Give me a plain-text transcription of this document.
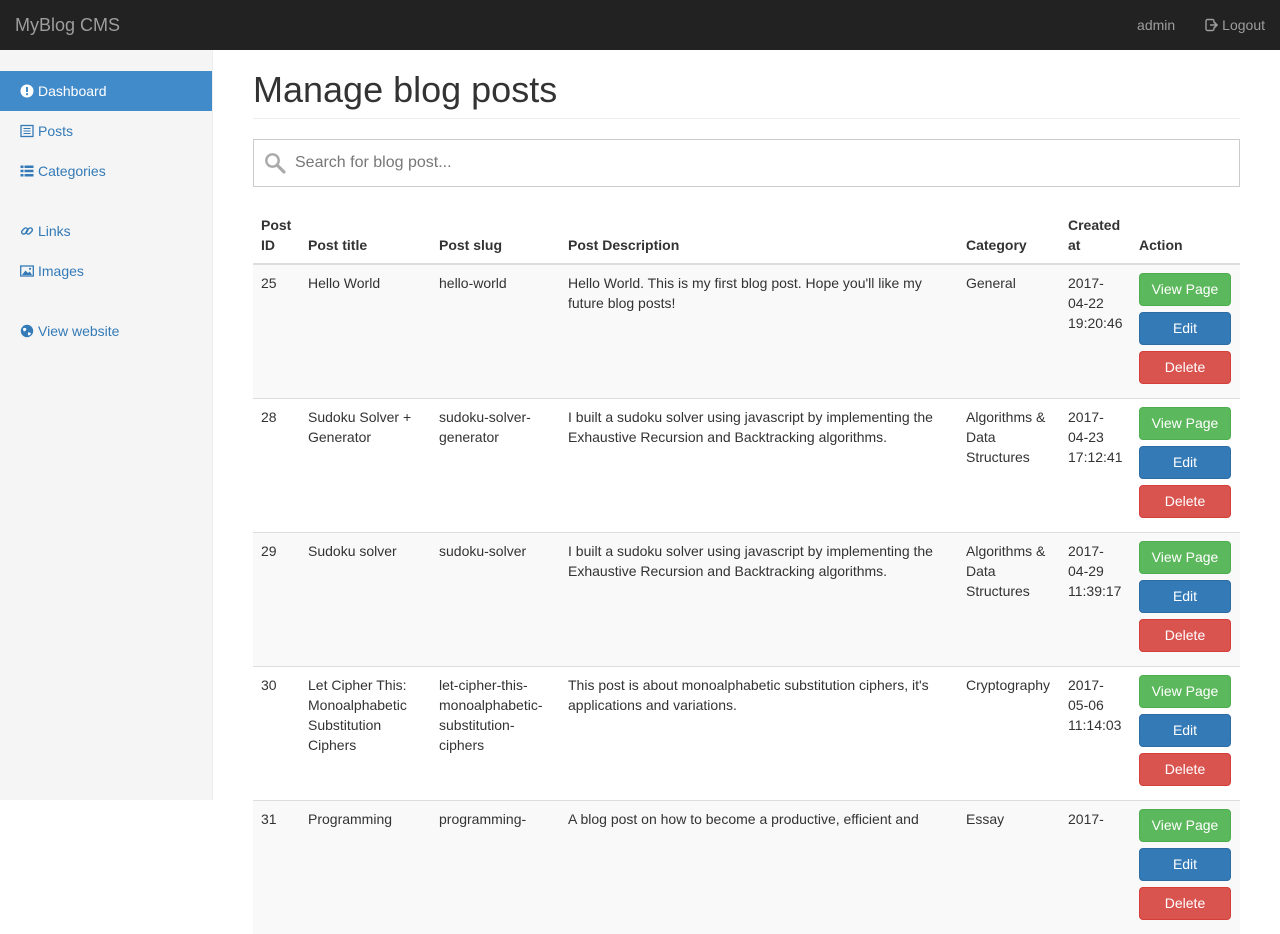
MyBlog CMS	admin	Logout
Dashboard
Posts
Categories
Links
Images
View website
Manage blog posts
Search for blog post...
Post ID	Post title	Post slug	Post Description	Category	Created at	Action
25	Hello World	hello-world	Hello World. This is my first blog post. Hope you'll like my future blog posts!	General	2017-04-22 19:20:46	View Page
Edit
Delete

28	Sudoku Solver + Generator	sudoku-solver-generator	I built a sudoku solver using javascript by implementing the Exhaustive Recursion and Backtracking algorithms.	Algorithms & Data Structures	2017-04-23 17:12:41	View Page
Edit
Delete

29	Sudoku solver	sudoku-solver	I built a sudoku solver using javascript by implementing the Exhaustive Recursion and Backtracking algorithms.	Algorithms & Data Structures	2017-04-29 11:39:17	View Page
Edit
Delete

30	Let Cipher This: Monoalphabetic Substitution Ciphers	let-cipher-this-monoalphabetic-substitution-ciphers	This post is about monoalphabetic substitution ciphers, it's applications and variations.	Cryptography	2017-05-06 11:14:03	View Page
Edit
Delete

31	Programming	programming-	A blog post on how to become a productive, efficient and	Essay	2017-	View Page
Edit
Delete
